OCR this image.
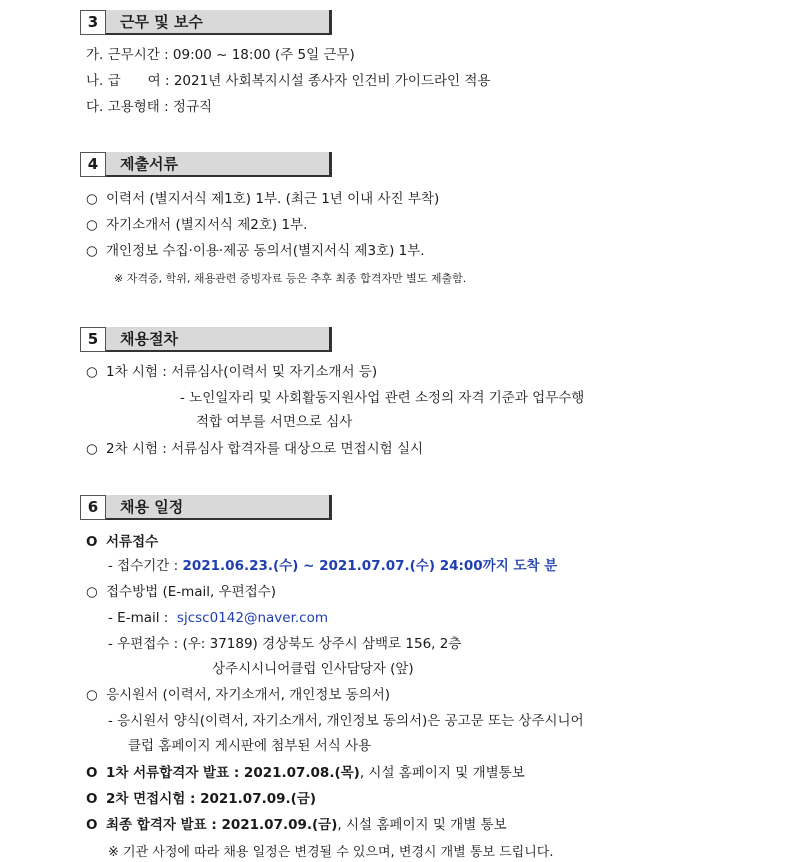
3	근무 및 보수
가. 근무시간 : 09:00 ~ 18:00 (주 5일 근무)
나. 급　　여 : 2021년 사회복지시설 종사자 인건비 가이드라인 적용
다. 고용형태 : 정규직
4	제출서류
○ 이력서 (별지서식 제1호) 1부. (최근 1년 이내 사진 부착)
○ 자기소개서 (별지서식 제2호) 1부.
○ 개인정보 수집·이용·제공 동의서(별지서식 제3호) 1부.
※ 자격증, 학위, 채용관련 증빙자료 등은 추후 최종 합격자만 별도 제출함.
5	채용절차
○ 1차 시험 : 서류심사(이력서 및 자기소개서 등)
- 노인일자리 및 사회활동지원사업 관련 소정의 자격 기준과 업무수행
적합 여부를 서면으로 심사
○ 2차 시험 : 서류심사 합격자를 대상으로 면접시험 실시
6	채용 일정
O 서류접수
- 접수기간 : 2021.06.23.(수) ~ 2021.07.07.(수) 24:00까지 도착 분
○ 접수방법 (E-mail, 우편접수)
- E-mail : sjcsc0142@naver.com
- 우편접수 : (우: 37189) 경상북도 상주시 삼백로 156, 2층
상주시시니어클럽 인사담당자 (앞)
○ 응시원서 (이력서, 자기소개서, 개인정보 동의서)
- 응시원서 양식(이력서, 자기소개서, 개인정보 동의서)은 공고문 또는 상주시니어
클럽 홈페이지 게시판에 첨부된 서식 사용
O 1차 서류합격자 발표 : 2021.07.08.(목), 시설 홈페이지 및 개별통보
O 2차 면접시험 : 2021.07.09.(금)
O 최종 합격자 발표 : 2021.07.09.(금), 시설 홈페이지 및 개별 통보
※ 기관 사정에 따라 채용 일정은 변경될 수 있으며, 변경시 개별 통보 드립니다.
